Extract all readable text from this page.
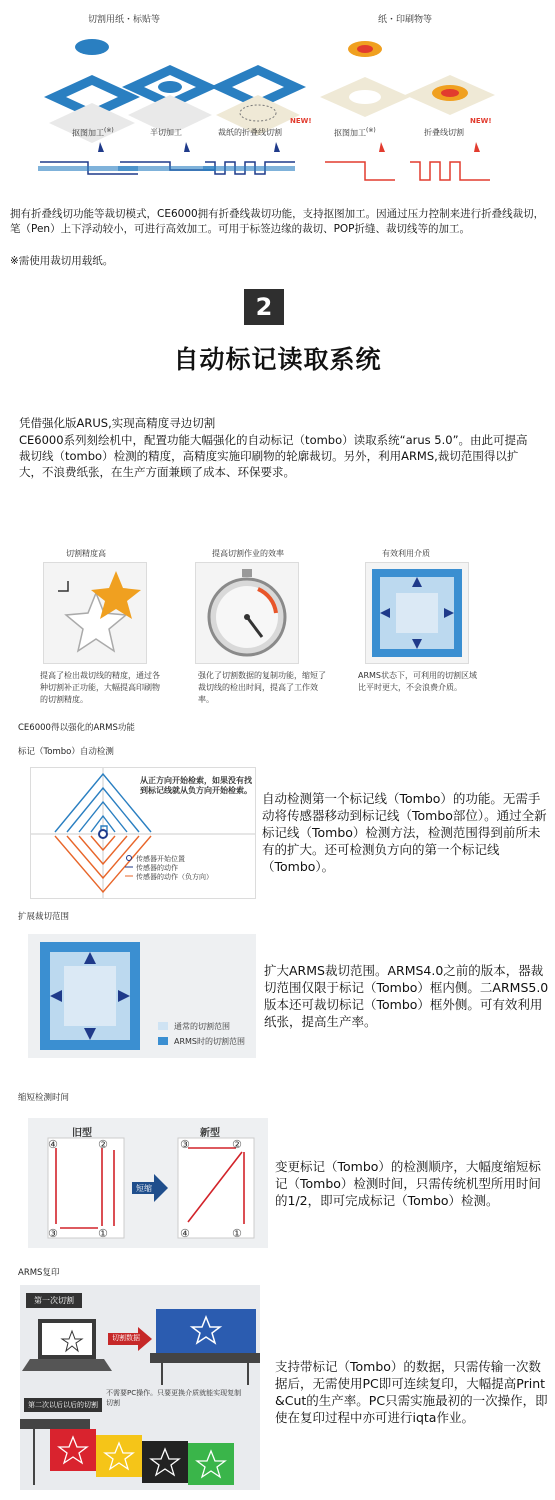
切割用纸・标贴等	纸・印刷物等
抠图加工(※)	半切加工	裁纸的折叠线切割
NEW!
抠图加工(※)	折叠线切割
NEW!
拥有折叠线切功能等裁切模式，CE6000拥有折叠线裁切功能，支持抠图加工。因通过压力控制来进行折叠线裁切，笔（Pen）上下浮动较小，可进行高效加工。可用于标签边缘的裁切、POP折缝、裁切线等的加工。
※需使用裁切用载纸。
2
自动标记读取系统
凭借强化版ARUS,实现高精度寻边切割
CE6000系列刻绘机中，配置功能大幅强化的自动标记（tombo）读取系统“arus 5.0”。由此可提高裁切线（tombo）检测的精度，高精度实施印刷物的轮廓裁切。另外，利用ARMS,裁切范围得以扩大，不浪费纸张，在生产方面兼顾了成本、环保要求。
切割精度高	提高切割作业的效率	有效利用介质
提高了检出裁切线的精度，通过各种切割补正功能，大幅提高印刷物的切割精度。
强化了切割数据的复制功能，缩短了裁切线的检出时间，提高了工作效率。
ARMS状态下，可利用的切割区域比平时更大，不会浪费介质。
CE6000得以强化的ARMS功能
标记（Tombo）自动检测
从正方向开始检索，如果没有找到标记线就从负方向开始检索。
传感器开始位置
传感器的动作
传感器的动作（负方向）
自动检测第一个标记线（Tombo）的功能。无需手动将传感器移动到标记线（Tombo部位）。通过全新标记线（Tombo）检测方法，检测范围得到前所未有的扩大。还可检测负方向的第一个标记线（Tombo）。
扩展裁切范围
通常的切割范围
ARMS时的切割范围
扩大ARMS裁切范围。ARMS4.0之前的版本，器裁切范围仅限于标记（Tombo）框内侧。二ARMS5.0版本还可裁切标记（Tombo）框外侧。可有效利用纸张，提高生产率。
缩短检测时间
旧型	新型
短缩
④	②
③	①
③	②
④	①
变更标记（Tombo）的检测顺序，大幅度缩短标记（Tombo）检测时间，只需传统机型所用时间的1/2，即可完成标记（Tombo）检测。
ARMS复印
第一次切割
切割数据
第二次以后以后的切割
不需要PC操作。只要更换介质就能实现复制切割
支持带标记（Tombo）的数据，只需传输一次数据后，无需使用PC即可连续复印，大幅提高Print &Cut的生产率。PC只需实施最初的一次操作，即使在复印过程中亦可进行iqta作业。
